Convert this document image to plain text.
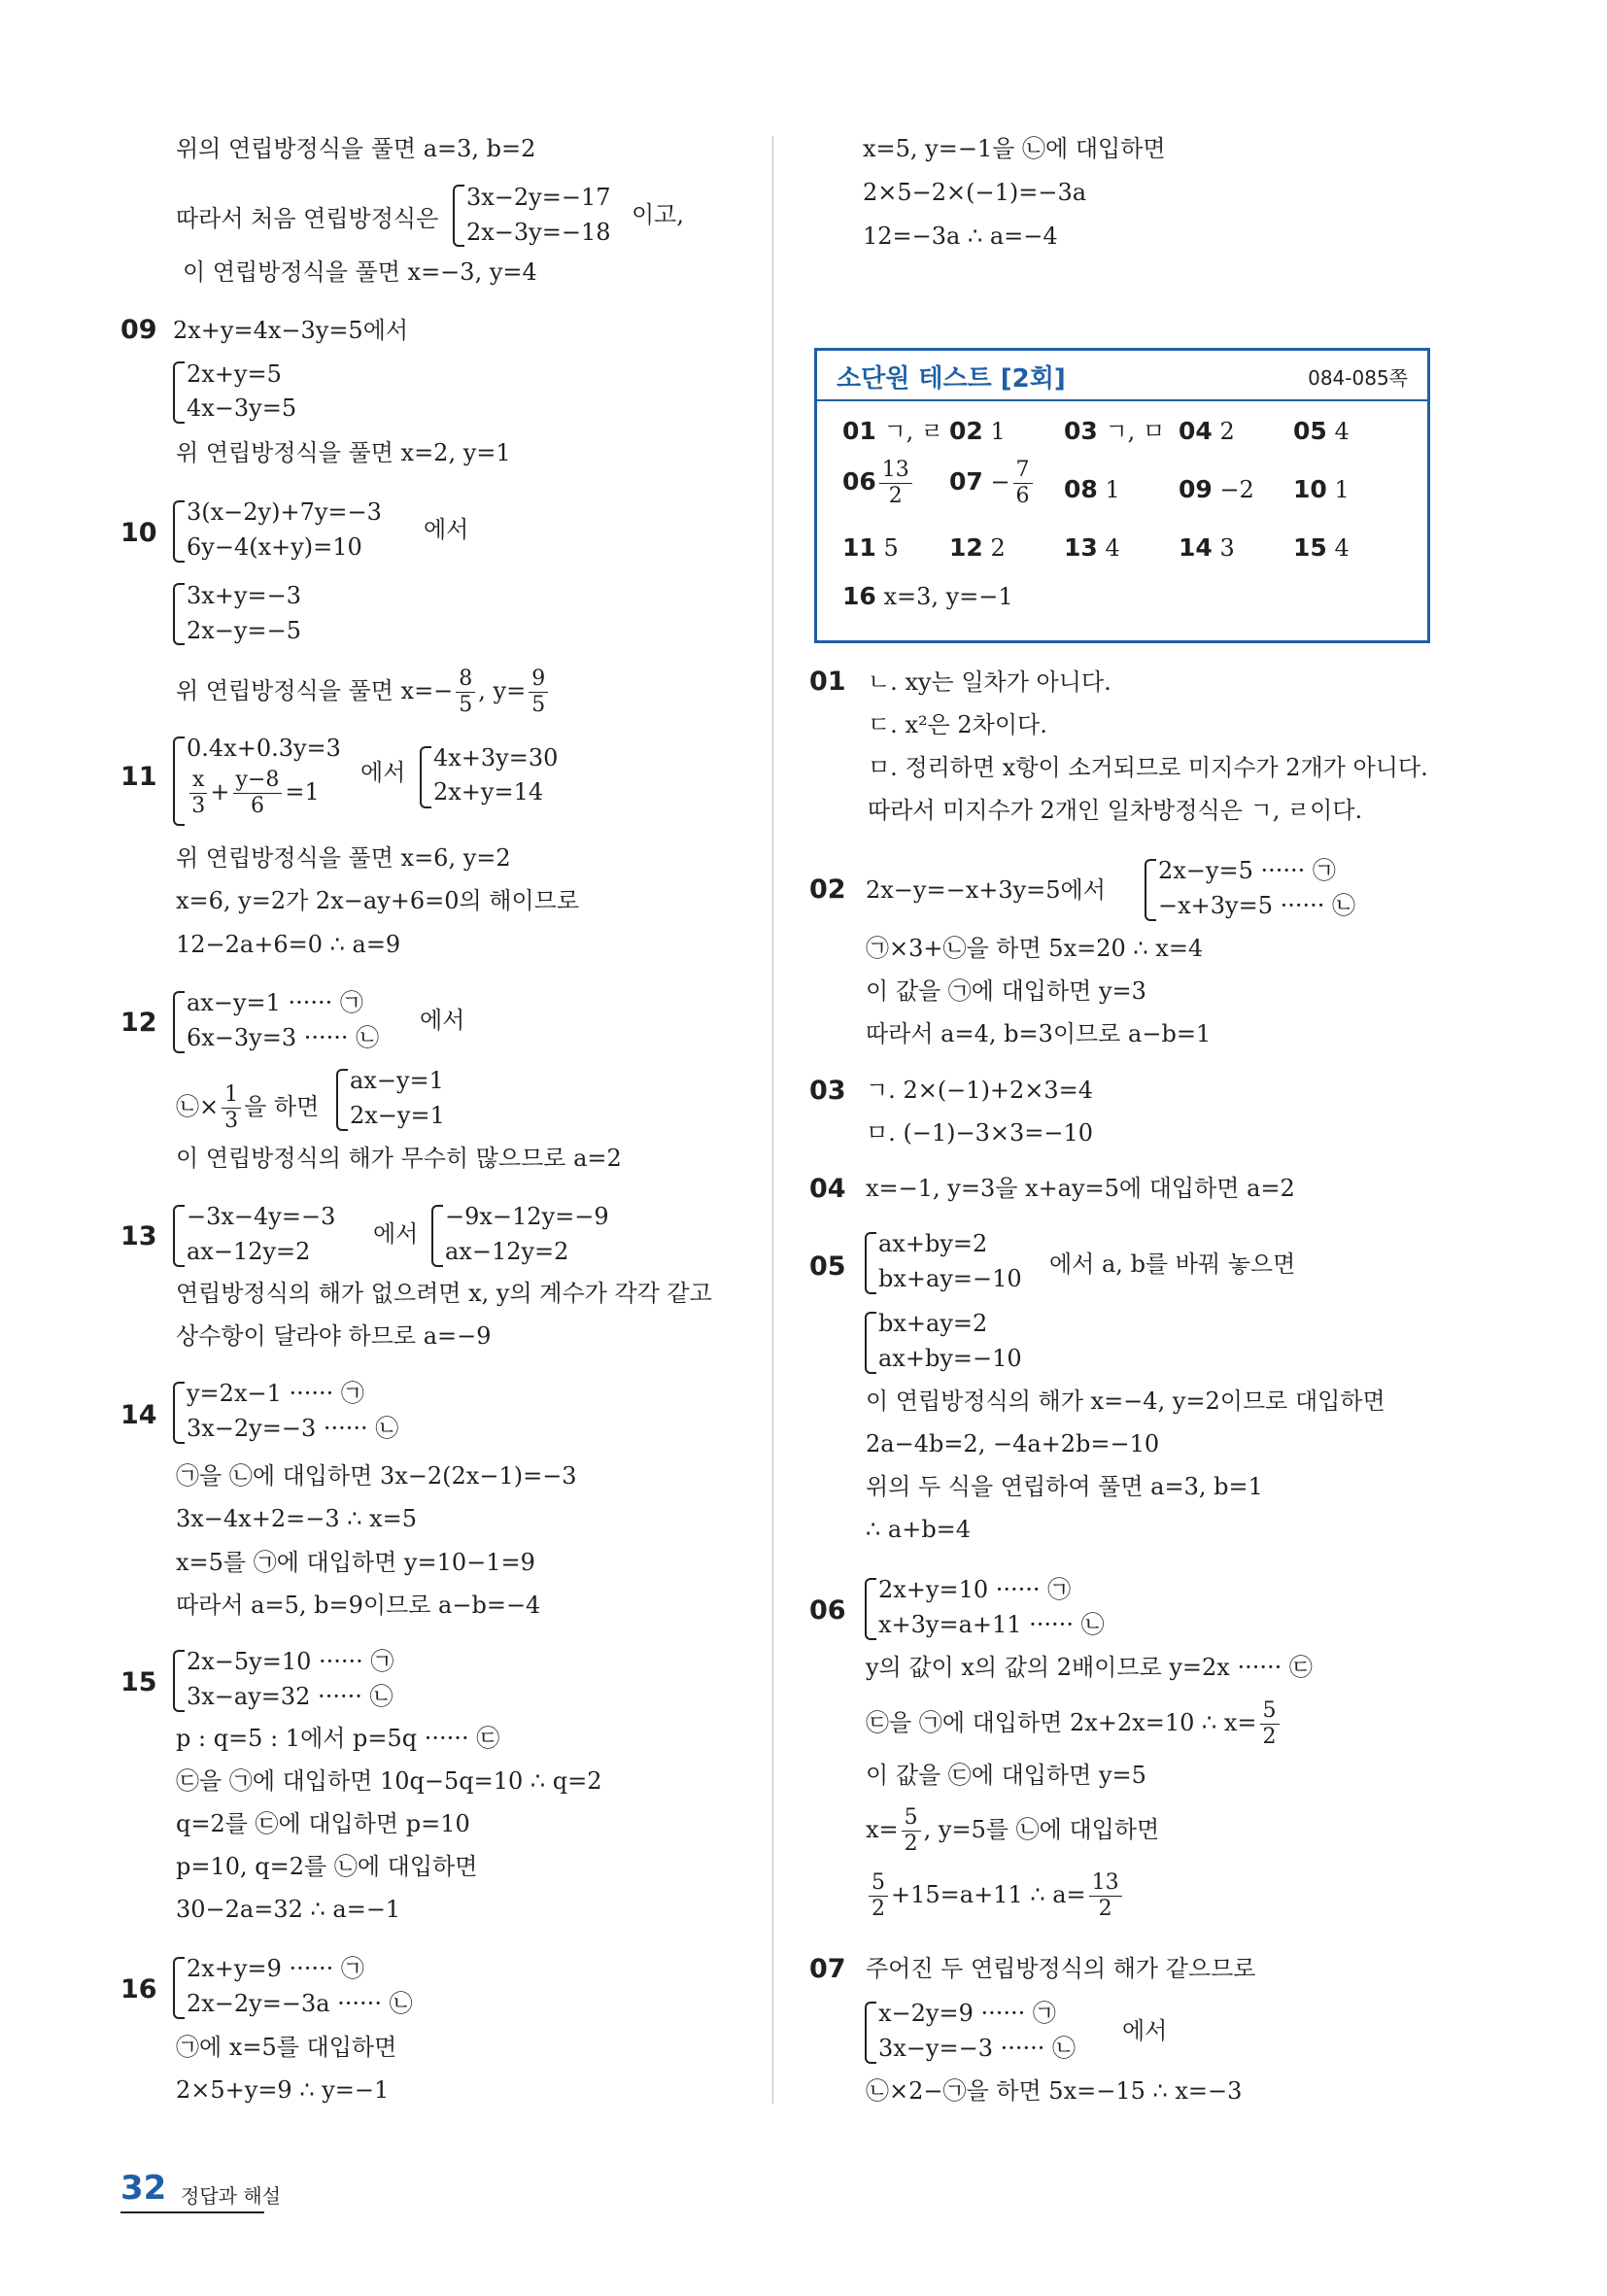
위의 연립방정식을 풀면 a=3, b=2
따라서 처음 연립방정식은
3x−2y=−17
2x−3y=−18
이고,
이 연립방정식을 풀면 x=−3, y=4
09 2x+y=4x−3y=5에서
2x+y=5
4x−3y=5
위 연립방정식을 풀면 x=2, y=1
10
3(x−2y)+7y=−3
6y−4(x+y)=10
에서
3x+y=−3
2x−y=−5
위 연립방정식을 풀면 $x=- \frac{8}{5}$ , $y= \frac{9}{5}$
11
0.4x+0.3y=3
$\frac{x}{3} + \frac{y-8}{6} =1$
에서
4x+3y=30
2x+y=14
위 연립방정식을 풀면 x=6, y=2
x=6, y=2가 2x−ay+6=0의 해이므로
12−2a+6=0 ∴ a=9
12
ax−y=1 ······ ㉠
6x−3y=3 ······ ㉡
에서
㉡× $\frac{1}{3}$ 을 하면
ax−y=1
2x−y=1
이 연립방정식의 해가 무수히 많으므로 a=2
13
−3x−4y=−3
ax−12y=2
에서
−9x−12y=−9
ax−12y=2
연립방정식의 해가 없으려면 x, y의 계수가 각각 같고
상수항이 달라야 하므로 a=−9
14
y=2x−1 ······ ㉠
3x−2y=−3 ······ ㉡
㉠을 ㉡에 대입하면 3x−2(2x−1)=−3
3x−4x+2=−3 ∴ x=5
x=5를 ㉠에 대입하면 y=10−1=9
따라서 a=5, b=9이므로 a−b=−4
15
2x−5y=10 ······ ㉠
3x−ay=32 ······ ㉡
p : q=5 : 1에서 p=5q ······ ㉢
㉢을 ㉠에 대입하면 10q−5q=10 ∴ q=2
q=2를 ㉢에 대입하면 p=10
p=10, q=2를 ㉡에 대입하면
30−2a=32 ∴ a=−1
16
2x+y=9 ······ ㉠
2x−2y=−3a ······ ㉡
㉠에 x=5를 대입하면
2×5+y=9 ∴ y=−1
x=5, y=−1을 ㉡에 대입하면
2×5−2×(−1)=−3a
12=−3a ∴ a=−4
소단원 테스트 [2회]	084-085쪽
01 ㄱ, ㄹ 02 1 03 ㄱ, ㅁ 04 2 05 4
$06 \frac{13}{2} 07 - \frac{7}{6} 08$ 1 09 −2 10 1
11 5 12 2 13 4 14 3 15 4
16 x=3, y=−1
01 ㄴ. xy는 일차가 아니다.
ㄷ. x²은 2차이다.
ㅁ. 정리하면 x항이 소거되므로 미지수가 2개가 아니다.
따라서 미지수가 2개인 일차방정식은 ㄱ, ㄹ이다.
02 2x−y=−x+3y=5에서
2x−y=5 ······ ㉠
−x+3y=5 ······ ㉡
㉠×3+㉡을 하면 5x=20 ∴ x=4
이 값을 ㉠에 대입하면 y=3
따라서 a=4, b=3이므로 a−b=1
03 ㄱ. 2×(−1)+2×3=4
ㅁ. (−1)−3×3=−10
04 x=−1, y=3을 x+ay=5에 대입하면 a=2
05
ax+by=2
bx+ay=−10
에서 a, b를 바꿔 놓으면
bx+ay=2
ax+by=−10
이 연립방정식의 해가 x=−4, y=2이므로 대입하면
2a−4b=2, −4a+2b=−10
위의 두 식을 연립하여 풀면 a=3, b=1
∴ a+b=4
06
2x+y=10 ······ ㉠
x+3y=a+11 ······ ㉡
y의 값이 x의 값의 2배이므로 y=2x ······ ㉢
㉢을 ㉠에 대입하면 2x+2x=10 ∴ $x= \frac{5}{2}$
이 값을 ㉢에 대입하면 y=5
$x= \frac{5}{2}$ , y=5를 ㉡에 대입하면
$\frac{5}{2} +15=a+11$ ∴ $a= \frac{13}{2}$
07 주어진 두 연립방정식의 해가 같으므로
x−2y=9 ······ ㉠
3x−y=−3 ······ ㉡
에서
㉡×2−㉠을 하면 5x=−15 ∴ x=−3
32 정답과 해설
